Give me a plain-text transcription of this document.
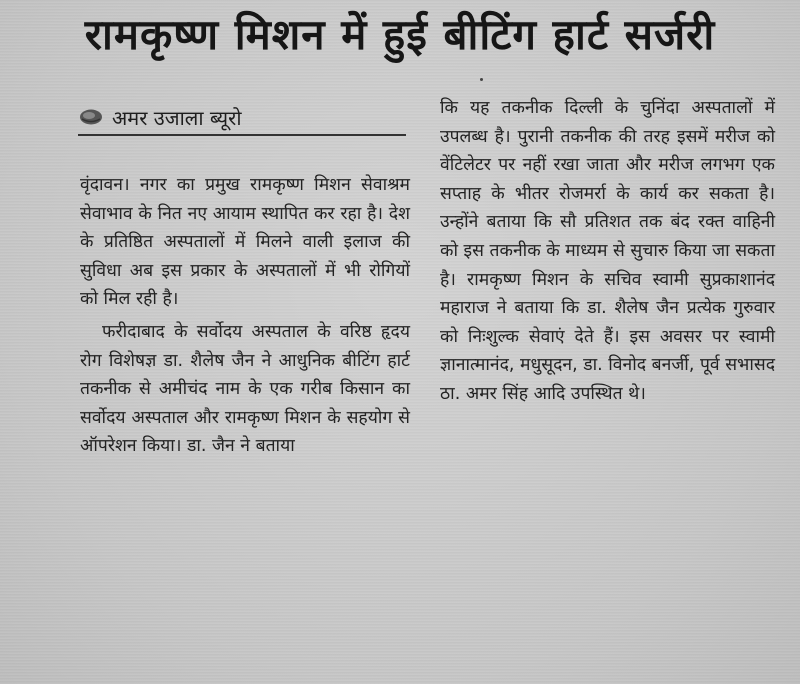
रामकृष्ण मिशन में हुई बीटिंग हार्ट सर्जरी
अमर उजाला ब्यूरो

वृंदावन। नगर का प्रमुख रामकृष्ण मिशन सेवाश्रम सेवाभाव के नित नए आयाम स्थापित कर रहा है। देश के प्रतिष्ठित अस्पतालों में मिलने वाली इलाज की सुविधा अब इस प्रकार के अस्पतालों में भी रोगियों को मिल रही है।

फरीदाबाद के सर्वोदय अस्पताल के वरिष्ठ हृदय रोग विशेषज्ञ डा. शैलेष जैन ने आधुनिक बीटिंग हार्ट तकनीक से अमीचंद नाम के एक गरीब किसान का सर्वोदय अस्पताल और रामकृष्ण मिशन के सहयोग से ऑपरेशन किया। डा. जैन ने बताया

कि यह तकनीक दिल्ली के चुनिंदा अस्पतालों में उपलब्ध है। पुरानी तकनीक की तरह इसमें मरीज को वेंटिलेटर पर नहीं रखा जाता और मरीज लगभग एक सप्ताह के भीतर रोजमर्रा के कार्य कर सकता है। उन्होंने बताया कि सौ प्रतिशत तक बंद रक्त वाहिनी को इस तकनीक के माध्यम से सुचारु किया जा सकता है। रामकृष्ण मिशन के सचिव स्वामी सुप्रकाशानंद महाराज ने बताया कि डा. शैलेष जैन प्रत्येक गुरुवार को निःशुल्क सेवाएं देते हैं। इस अवसर पर स्वामी ज्ञानात्मानंद, मधुसूदन, डा. विनोद बनर्जी, पूर्व सभासद ठा. अमर सिंह आदि उपस्थित थे।
